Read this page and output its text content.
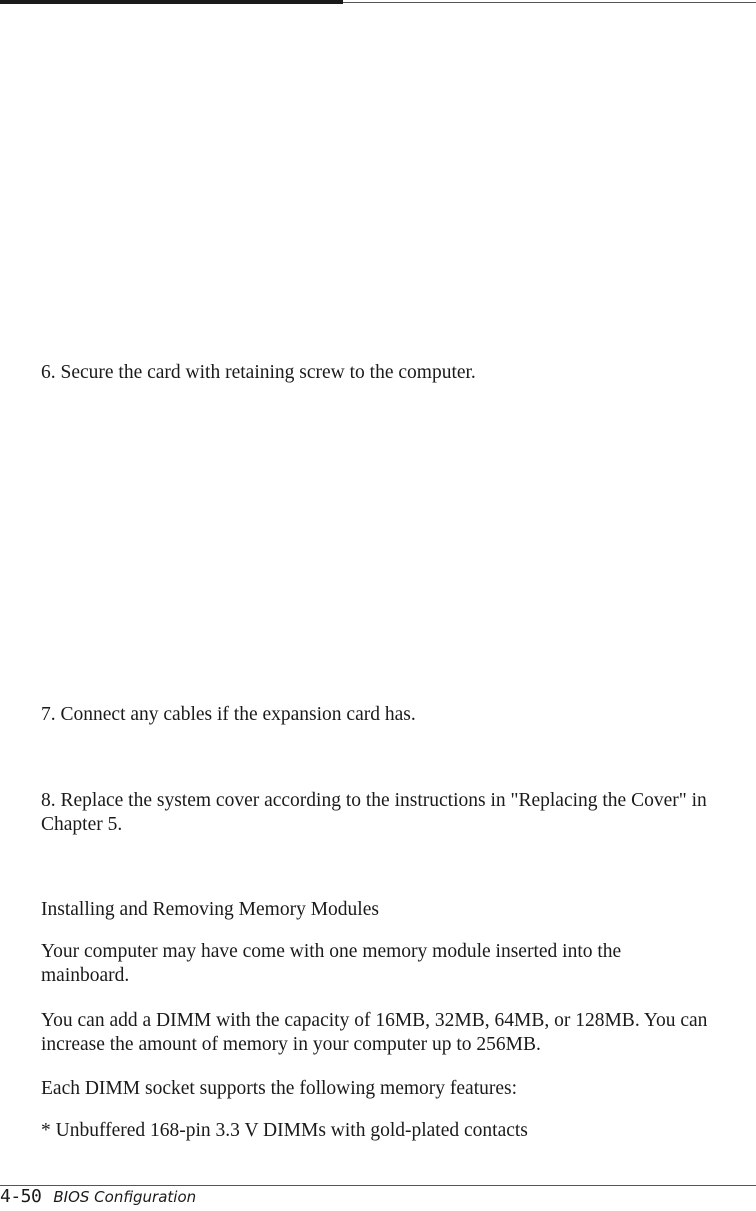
6. Secure the card with retaining screw to the computer.

7. Connect any cables if the expansion card has.

8. Replace the system cover according to the instructions in "Replacing the Cover" in Chapter 5.

Installing and Removing Memory Modules

Your computer may have come with one memory module inserted into the mainboard.

You can add a DIMM with the capacity of 16MB, 32MB, 64MB, or 128MB. You can increase the amount of memory in your computer up to 256MB.

Each DIMM socket supports the following memory features:

* Unbuffered 168-pin 3.3 V DIMMs with gold-plated contacts

4-50 BIOS Configuration
